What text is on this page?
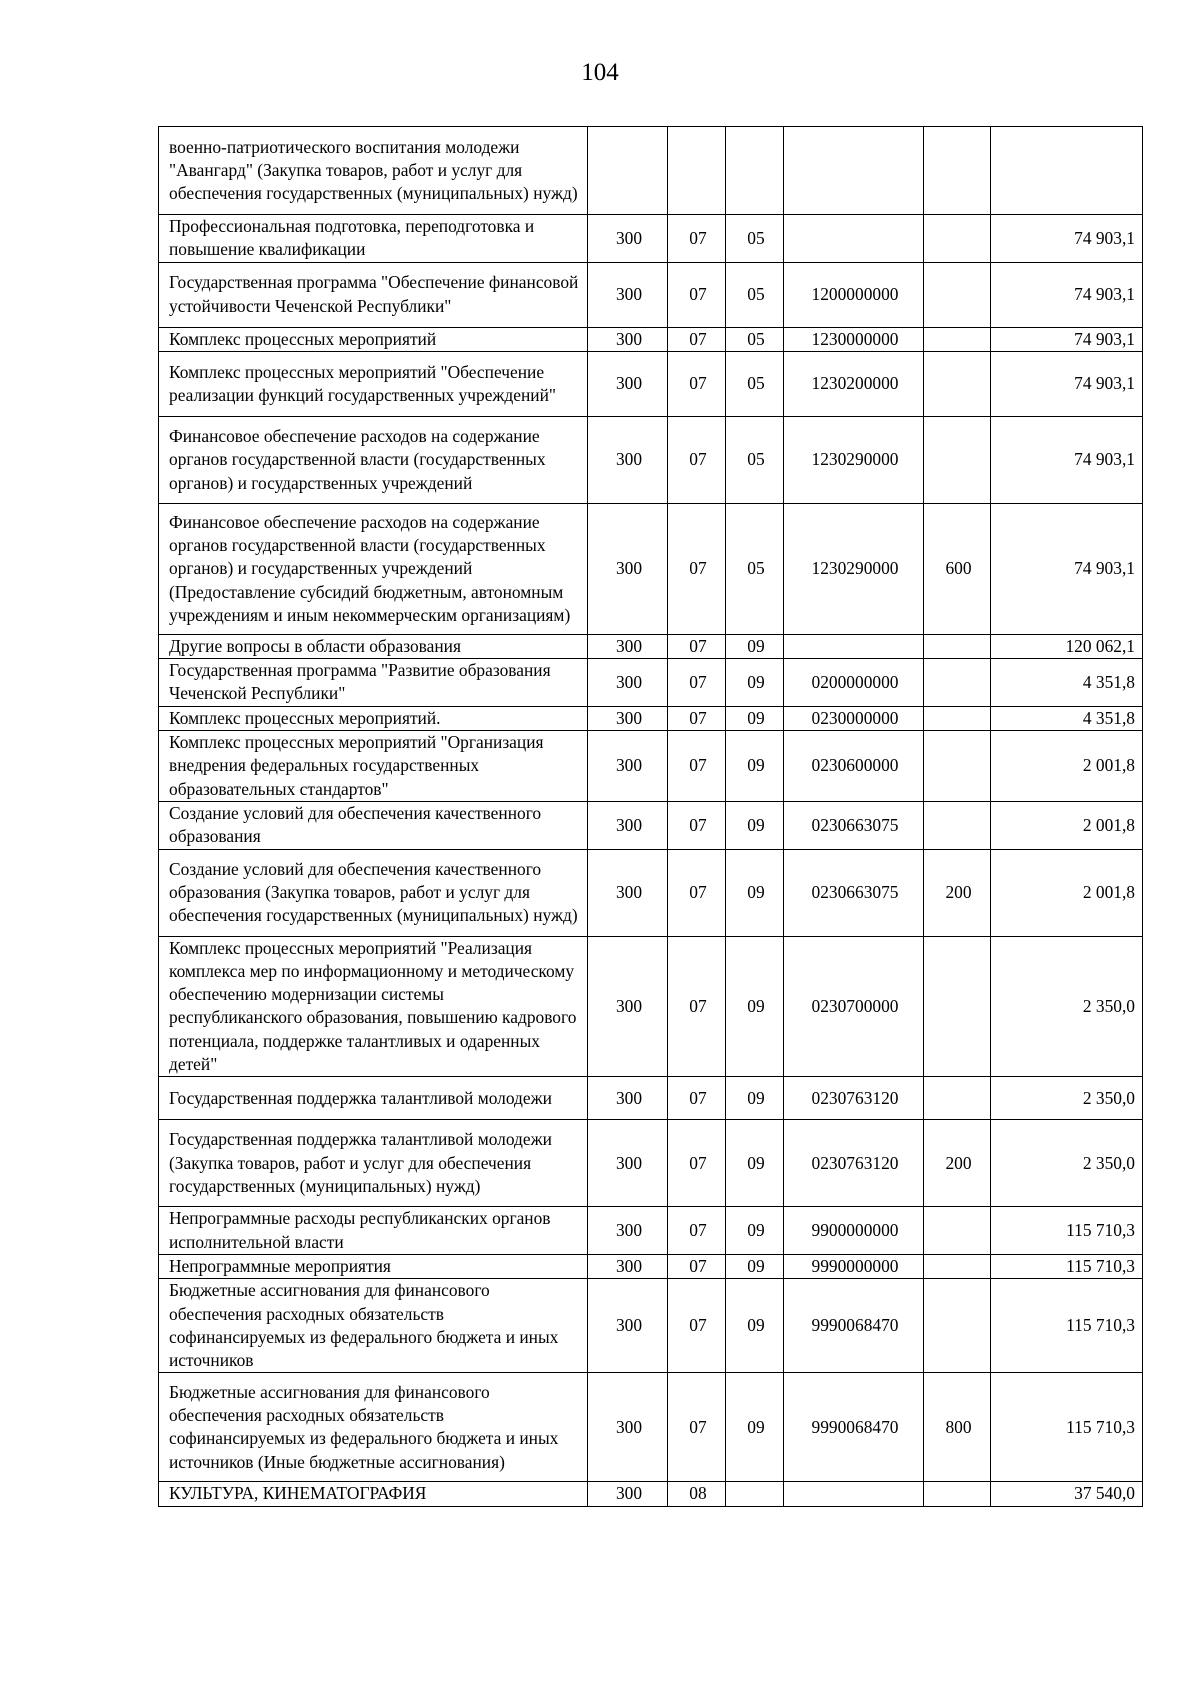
104
военно-патриотического воспитания молодежи "Авангард" (Закупка товаров, работ и услуг для обеспечения государственных (муниципальных) нужд)						
Профессиональная подготовка, переподготовка и повышение квалификации	300	07	05			74 903,1
Государственная программа "Обеспечение финансовой устойчивости Чеченской Республики"	300	07	05	1200000000		74 903,1
Комплекс процессных мероприятий	300	07	05	1230000000		74 903,1
Комплекс процессных мероприятий "Обеспечение реализации функций государственных учреждений"	300	07	05	1230200000		74 903,1
Финансовое обеспечение расходов на содержание органов государственной власти (государственных органов) и государственных учреждений	300	07	05	1230290000		74 903,1
Финансовое обеспечение расходов на содержание органов государственной власти (государственных органов) и государственных учреждений (Предоставление субсидий бюджетным, автономным учреждениям и иным некоммерческим организациям)	300	07	05	1230290000	600	74 903,1
Другие вопросы в области образования	300	07	09			120 062,1
Государственная программа "Развитие образования Чеченской Республики"	300	07	09	0200000000		4 351,8
Комплекс процессных мероприятий.	300	07	09	0230000000		4 351,8
Комплекс процессных мероприятий "Организация внедрения федеральных государственных образовательных стандартов"	300	07	09	0230600000		2 001,8
Создание условий для обеспечения качественного образования	300	07	09	0230663075		2 001,8
Создание условий для обеспечения качественного образования (Закупка товаров, работ и услуг для обеспечения государственных (муниципальных) нужд)	300	07	09	0230663075	200	2 001,8
Комплекс процессных мероприятий "Реализация комплекса мер по информационному и методическому обеспечению модернизации системы республиканского образования, повышению кадрового потенциала, поддержке талантливых и одаренных детей"	300	07	09	0230700000		2 350,0
Государственная поддержка талантливой молодежи	300	07	09	0230763120		2 350,0
Государственная поддержка талантливой молодежи (Закупка товаров, работ и услуг для обеспечения государственных (муниципальных) нужд)	300	07	09	0230763120	200	2 350,0
Непрограммные расходы республиканских органов исполнительной власти	300	07	09	9900000000		115 710,3
Непрограммные мероприятия	300	07	09	9990000000		115 710,3
Бюджетные ассигнования для финансового обеспечения расходных обязательств софинансируемых из федерального бюджета и иных источников	300	07	09	9990068470		115 710,3
Бюджетные ассигнования для финансового обеспечения расходных обязательств софинансируемых из федерального бюджета и иных источников (Иные бюджетные ассигнования)	300	07	09	9990068470	800	115 710,3
КУЛЬТУРА, КИНЕМАТОГРАФИЯ	300	08				37 540,0
